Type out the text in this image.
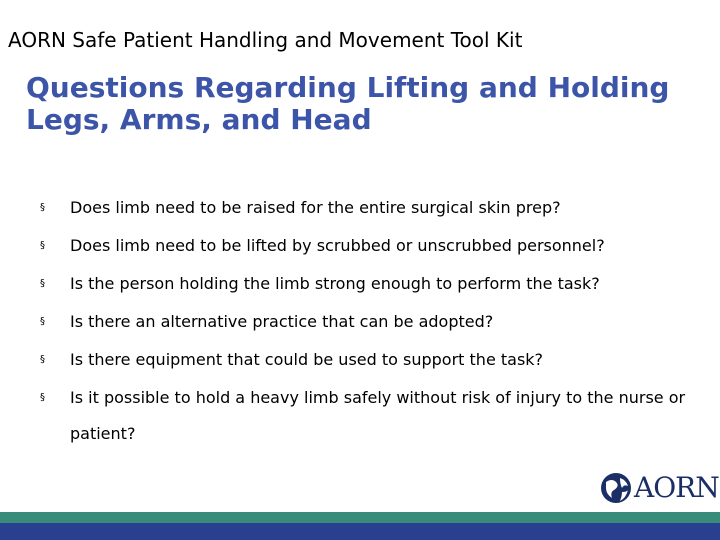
AORN Safe Patient Handling and Movement Tool Kit
Questions Regarding Lifting and Holding
Legs, Arms, and Head
§ Does limb need to be raised for the entire surgical skin prep?
§ Does limb need to be lifted by scrubbed or unscrubbed personnel?
§ Is the person holding the limb strong enough to perform the task?
§ Is there an alternative practice that can be adopted?
§ Is there equipment that could be used to support the task?
§ Is it possible to hold a heavy limb safely without risk of injury to the nurse or patient?
AORN
